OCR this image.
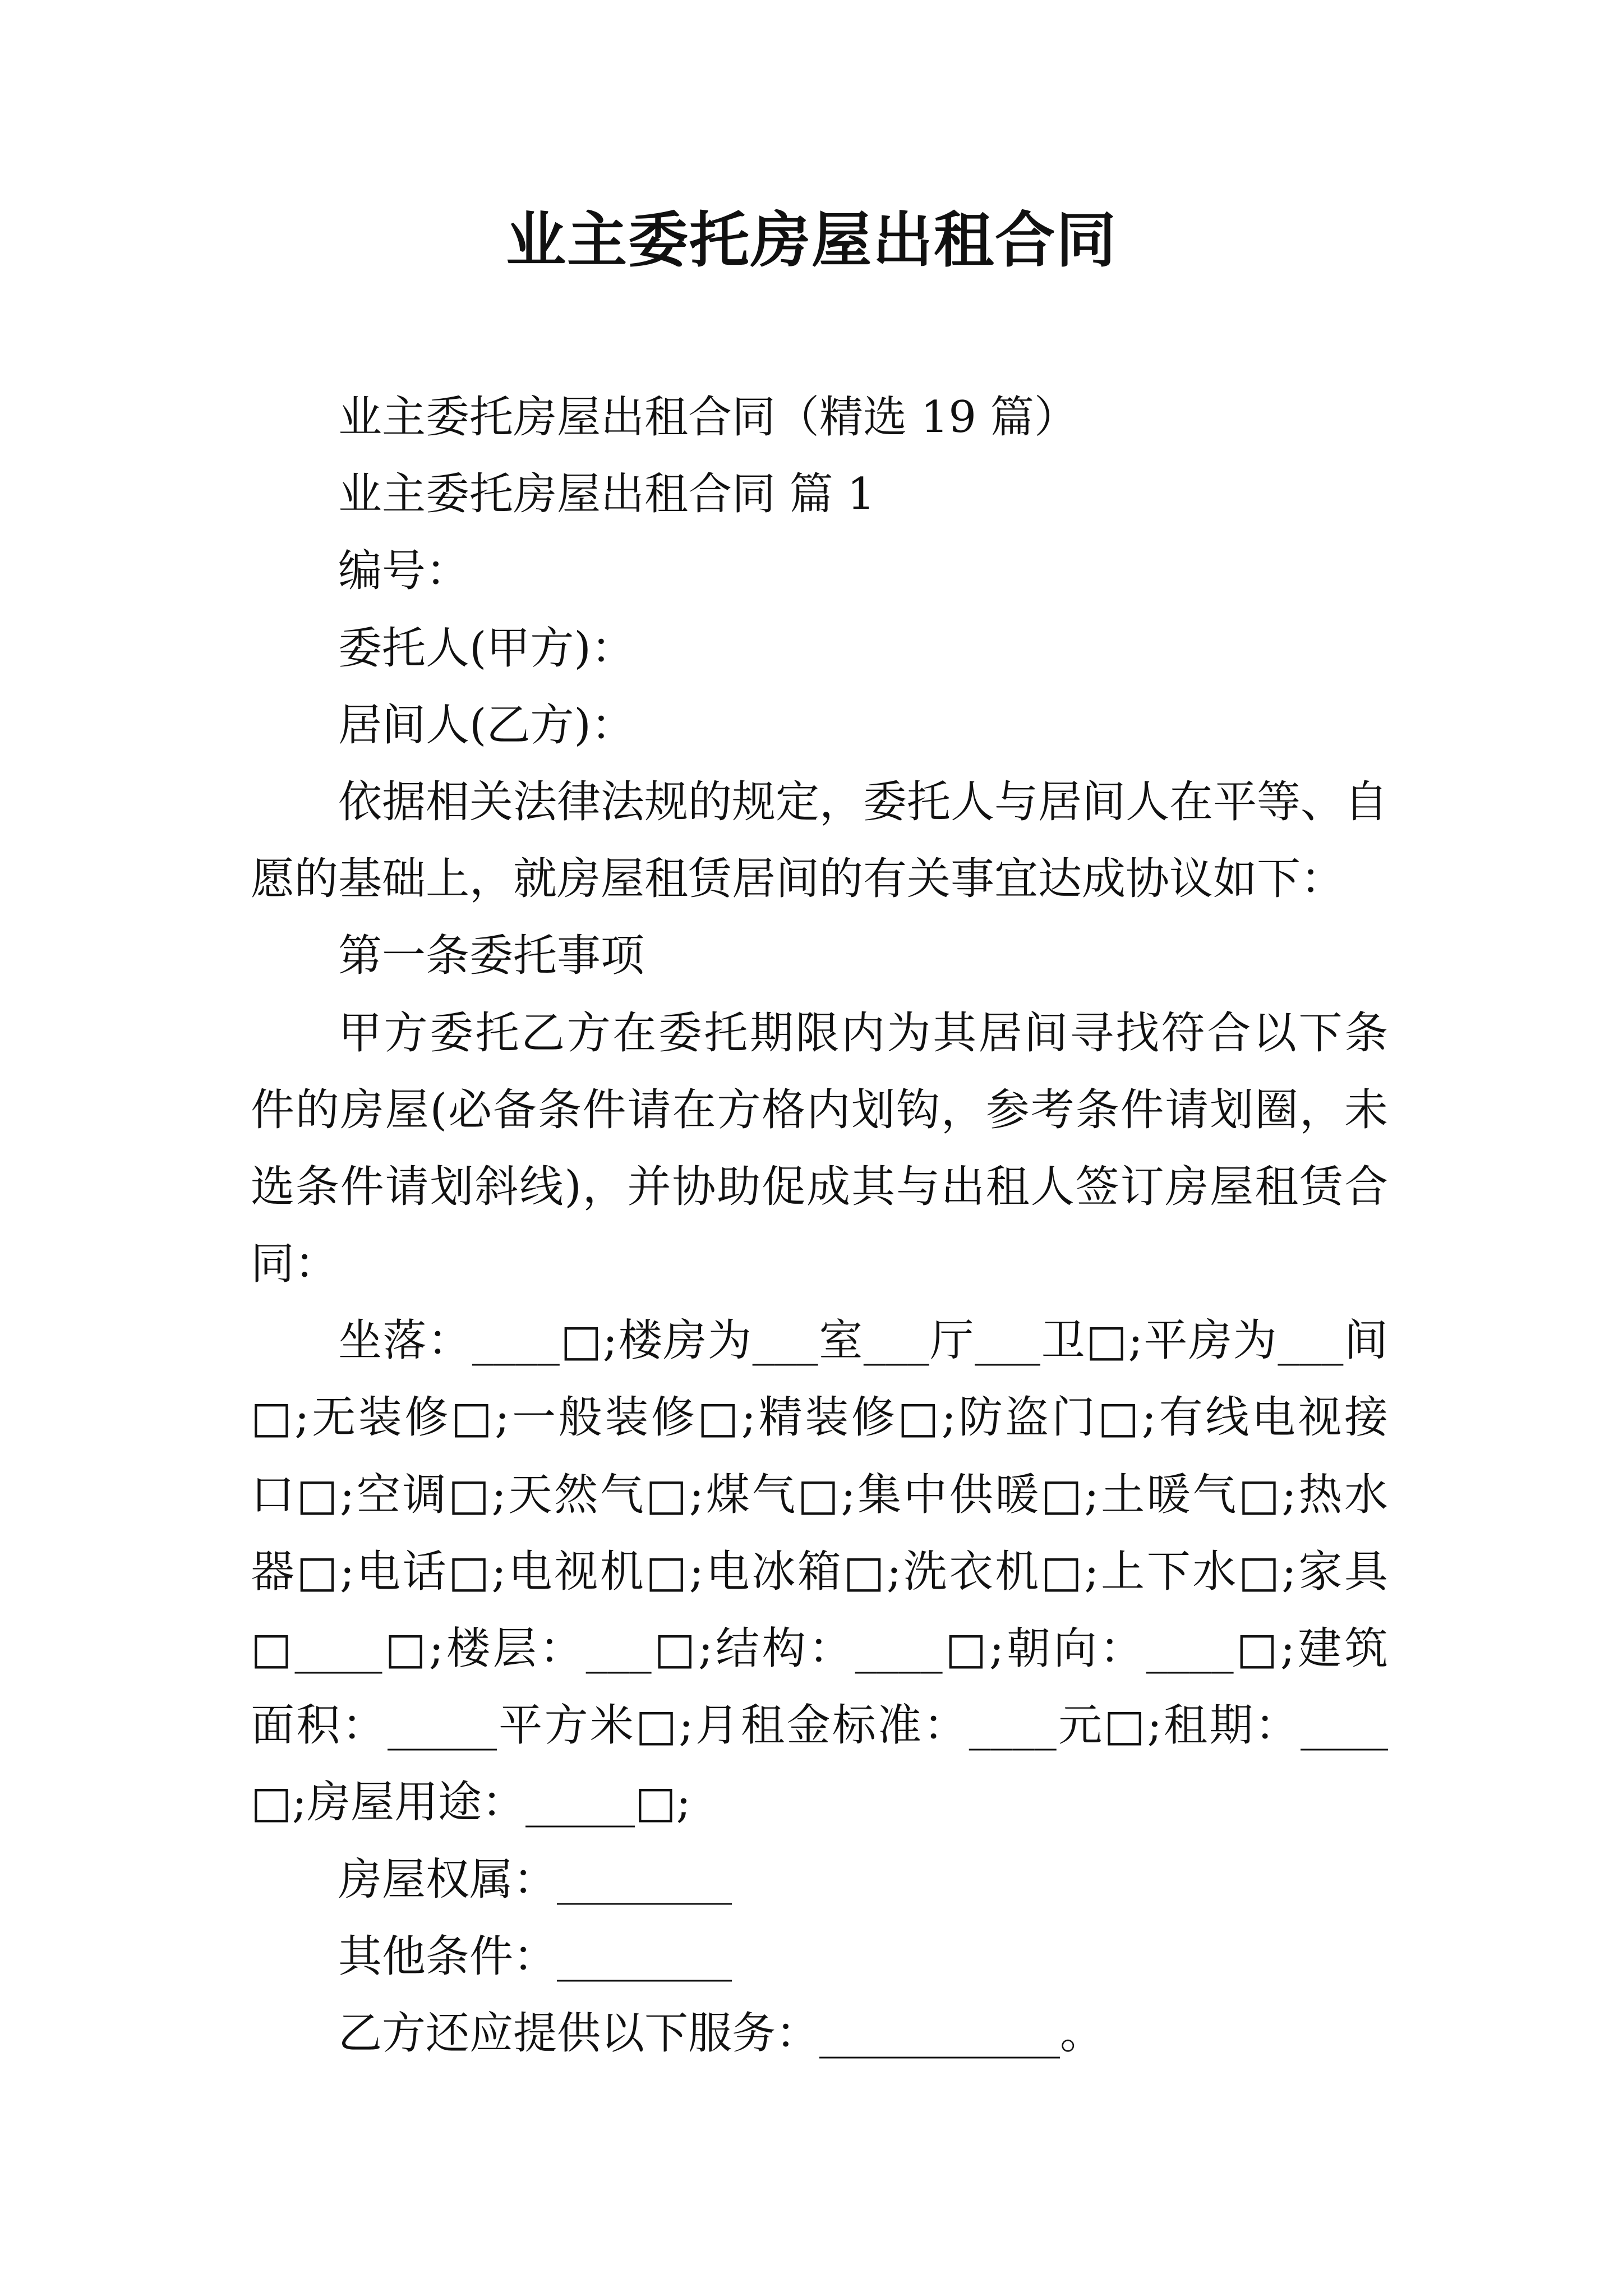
业主委托房屋出租合同
业主委托房屋出租合同（精选 19 篇）
业主委托房屋出租合同 篇 1
编号：
委托人(甲方)：
居间人(乙方)：
依据相关法律法规的规定，委托人与居间人在平等、自
愿的基础上，就房屋租赁居间的有关事宜达成协议如下：
第一条委托事项
甲方委托乙方在委托期限内为其居间寻找符合以下条
件的房屋(必备条件请在方格内划钩，参考条件请划圈，未
选条件请划斜线)，并协助促成其与出租人签订房屋租赁合
同：
坐落：____□;楼房为___室___厅___卫□;平房为___间
□;无装修□;一般装修□;精装修□;防盗门□;有线电视接
口□;空调□;天然气□;煤气□;集中供暖□;土暖气□;热水
器□;电话□;电视机□;电冰箱□;洗衣机□;上下水□;家具
□____□;楼层：___□;结构：____□;朝向：____□;建筑
面积：_____平方米□;月租金标准：____元□;租期：____
□;房屋用途：_____□;
房屋权属：________
其他条件：________
乙方还应提供以下服务：___________。
